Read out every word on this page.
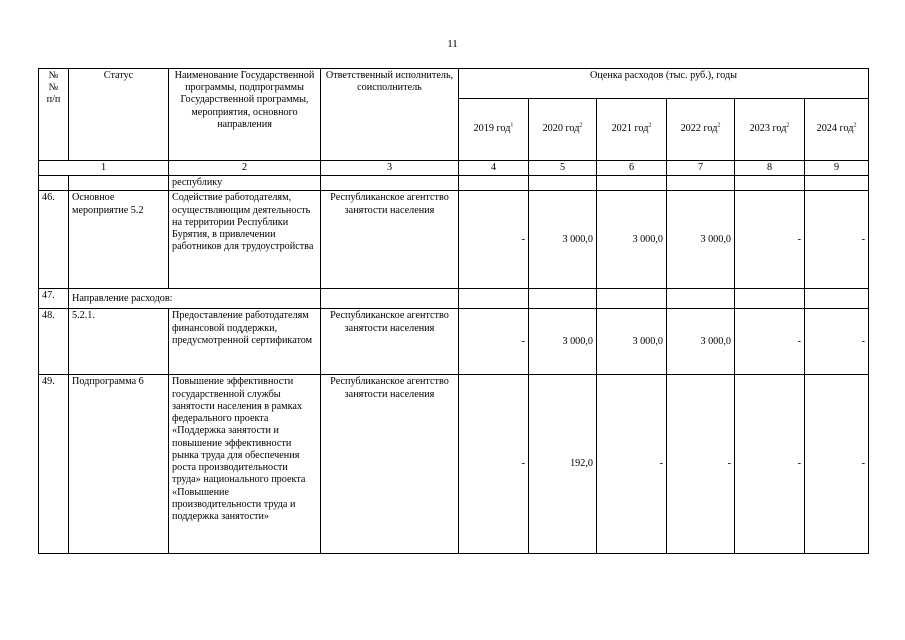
11
№
№
п/п	Статус	Наименование Государственной программы, подпрограммы Государственной программы, мероприятия, основного направления	Ответственный исполнитель, соисполнитель	Оценка расходов (тыс. руб.), годы					
				2019 год$^1$	2020 год$^2$	2021 год$^2$	2022 год$^2$	2023 год$^2$	2024 год$^2$
1		2	3	4	5	6	7	8	9
		республику							
46.	Основное мероприятие 5.2	Содействие работодателям, осуществляющим деятельность на территории Республики Бурятия, в привлечении работников для трудоустройства	Республиканское агентство занятости населения	-	3 000,0	3 000,0	3 000,0	-	-
47.	Направление расходов:								
48.	5.2.1.	Предоставление работодателям финансовой поддержки, предусмотренной сертификатом	Республиканское агентство занятости населения	-	3 000,0	3 000,0	3 000,0	-	-
49.	Подпрограмма 6	Повышение эффективности государственной службы занятости населения в рамках федерального проекта «Поддержка занятости и повышение эффективности рынка труда для обеспечения роста производительности труда» национального проекта «Повышение производительности труда и поддержка занятости»	Республиканское агентство занятости населения	-	192,0	-	-	-	-
